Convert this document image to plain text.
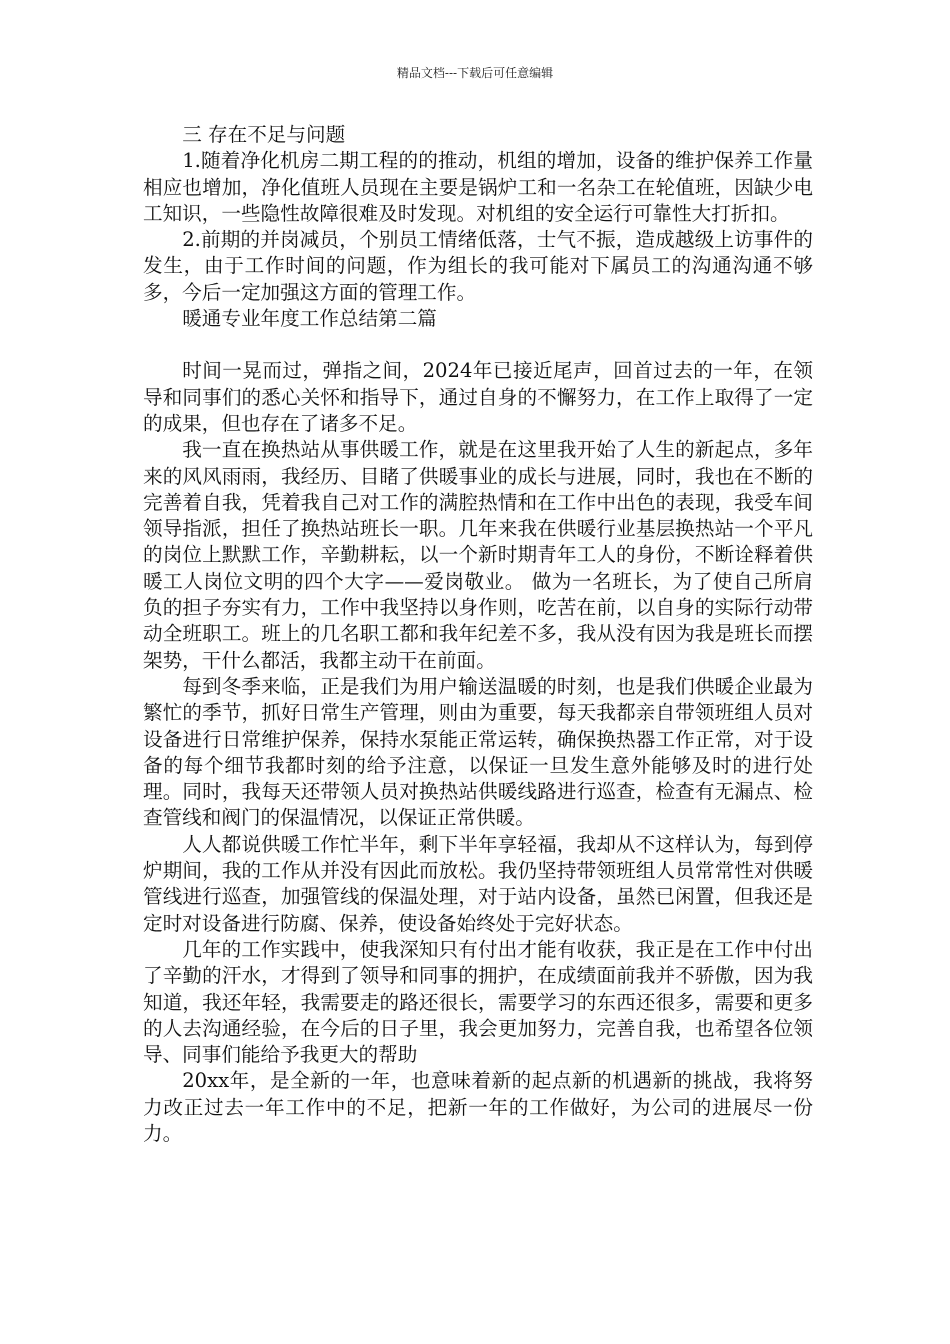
精品文档---下载后可任意编辑

三 存在不足与问题

1.随着净化机房二期工程的的推动，机组的增加，设备的维护保养工作量相应也增加，净化值班人员现在主要是锅炉工和一名杂工在轮值班，因缺少电工知识，一些隐性故障很难及时发现。对机组的安全运行可靠性大打折扣。

2.前期的并岗减员，个别员工情绪低落，士气不振，造成越级上访事件的发生，由于工作时间的问题，作为组长的我可能对下属员工的沟通沟通不够多，今后一定加强这方面的管理工作。

暖通专业年度工作总结第二篇

时间一晃而过，弹指之间，2024年已接近尾声，回首过去的一年，在领导和同事们的悉心关怀和指导下，通过自身的不懈努力，在工作上取得了一定的成果，但也存在了诸多不足。

我一直在换热站从事供暖工作，就是在这里我开始了人生的新起点，多年来的风风雨雨，我经历、目睹了供暖事业的成长与进展，同时，我也在不断的完善着自我，凭着我自己对工作的满腔热情和在工作中出色的表现，我受车间领导指派，担任了换热站班长一职。几年来我在供暖行业基层换热站一个平凡的岗位上默默工作，辛勤耕耘，以一个新时期青年工人的身份，不断诠释着供暖工人岗位文明的四个大字——爱岗敬业。 做为一名班长，为了使自己所肩负的担子夯实有力，工作中我坚持以身作则，吃苦在前，以自身的实际行动带动全班职工。班上的几名职工都和我年纪差不多，我从没有因为我是班长而摆架势，干什么都活，我都主动干在前面。

每到冬季来临，正是我们为用户输送温暖的时刻，也是我们供暖企业最为繁忙的季节，抓好日常生产管理，则由为重要，每天我都亲自带领班组人员对设备进行日常维护保养，保持水泵能正常运转，确保换热器工作正常，对于设备的每个细节我都时刻的给予注意，以保证一旦发生意外能够及时的进行处理。同时，我每天还带领人员对换热站供暖线路进行巡查，检查有无漏点、检查管线和阀门的保温情况，以保证正常供暖。

人人都说供暖工作忙半年，剩下半年享轻福，我却从不这样认为，每到停炉期间，我的工作从并没有因此而放松。我仍坚持带领班组人员常常性对供暖管线进行巡查，加强管线的保温处理，对于站内设备，虽然已闲置，但我还是定时对设备进行防腐、保养，使设备始终处于完好状态。

几年的工作实践中，使我深知只有付出才能有收获，我正是在工作中付出了辛勤的汗水，才得到了领导和同事的拥护，在成绩面前我并不骄傲，因为我知道，我还年轻，我需要走的路还很长，需要学习的东西还很多，需要和更多的人去沟通经验，在今后的日子里，我会更加努力，完善自我，也希望各位领导、同事们能给予我更大的帮助

20xx年，是全新的一年，也意味着新的起点新的机遇新的挑战，我将努力改正过去一年工作中的不足，把新一年的工作做好，为公司的进展尽一份力。
